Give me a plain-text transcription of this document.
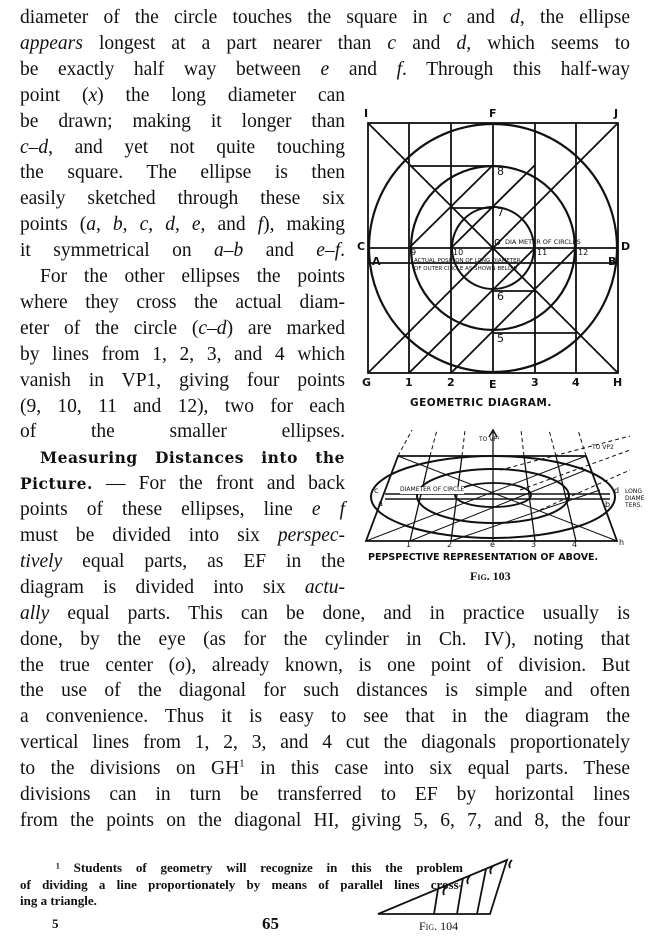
diameter of the circle touches the square in c and d, the ellipse
appears longest at a part nearer than c and d, which seems to
be exactly half way between e and f. Through this half-way
point (x) the long diameter can
be drawn; making it longer than
c–d, and yet not quite touching
the square. The ellipse is then
easily sketched through these six
points (a, b, c, d, e, and f), making
it symmetrical on a–b and e–f.
For the other ellipses the points
where they cross the actual diam-
eter of the circle (c–d) are marked
by lines from 1, 2, 3, and 4 which
vanish in VP1, giving four points
(9, 10, 11 and 12), two for each
of the smaller ellipses.
Measuring Distances into the
Picture. — For the front and back
points of these ellipses, line e f
must be divided into six perspec-
tively equal parts, as EF in the
diagram is divided into six actu-
ally equal parts. This can be done, and in practice usually is
done, by the eye (as for the cylinder in Ch. IV), noting that
the true center (o), already known, is one point of division. But
the use of the diagonal for such distances is simple and often
a convenience. Thus it is easy to see that in the diagram the
vertical lines from 1, 2, 3, and 4 cut the diagonals proportionately
to the divisions on $GH^1$ in this case into six equal parts. These
divisions can in turn be transferred to EF by horizontal lines
from the points on the diagonal HI, giving 5, 6, 7, and 8, the four
¹ Students of geometry will recognize in this the problem
of dividing a line proportionately by means of parallel lines cross-
ing a triangle.
5	65
I	F	J
C	D
A	B
G	1	2	E	3	4	H
8
7
o
6
5
9	10	11	12
DIA METER OF CIRCLES
ACTUAL POSITION OF LONG DIAMETER
OF OUTER CIRCLE AS SHOWN BELOW
GEOMETRIC DIAGRAM.
TO VP¹
TO VP2
DIAMETER OF CIRCLE	LONG DIAME TERS.
c	d
a	b
e	h
1	2	3	4
PEPSPECTIVE REPRESENTATION OF ABOVE.
Fig. 103
Fig. 104
